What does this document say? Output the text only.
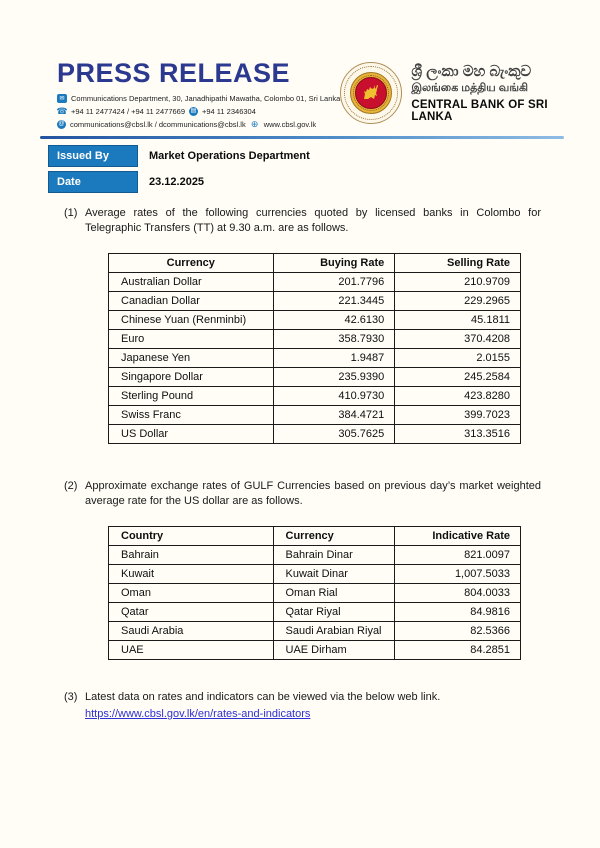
PRESS RELEASE
✉ Communications Department, 30, Janadhipathi Mawatha, Colombo 01, Sri Lanka
☎ +94 11 2477424 / +94 11 2477669 ▤ +94 11 2346304
@ communications@cbsl.lk / dcommunications@cbsl.lk ⊕ www.cbsl.gov.lk
ශ්‍රී ලංකා මහ බැංකුව
இலங்கை மத்திய வங்கி
CENTRAL BANK OF SRI LANKA
Issued By	Market Operations Department
Date	23.12.2025
(1) Average rates of the following currencies quoted by licensed banks in Colombo for Telegraphic Transfers (TT) at 9.30 a.m. are as follows.
Currency	Buying Rate	Selling Rate
Australian Dollar	201.7796	210.9709
Canadian Dollar	221.3445	229.2965
Chinese Yuan (Renminbi)	42.6130	45.1811
Euro	358.7930	370.4208
Japanese Yen	1.9487	2.0155
Singapore Dollar	235.9390	245.2584
Sterling Pound	410.9730	423.8280
Swiss Franc	384.4721	399.7023
US Dollar	305.7625	313.3516
(2) Approximate exchange rates of GULF Currencies based on previous day’s market weighted average rate for the US dollar are as follows.
Country	Currency	Indicative Rate
Bahrain	Bahrain Dinar	821.0097
Kuwait	Kuwait Dinar	1,007.5033
Oman	Oman Rial	804.0033
Qatar	Qatar Riyal	84.9816
Saudi Arabia	Saudi Arabian Riyal	82.5366
UAE	UAE Dirham	84.2851
(3) Latest data on rates and indicators can be viewed via the below web link.
https://www.cbsl.gov.lk/en/rates-and-indicators
